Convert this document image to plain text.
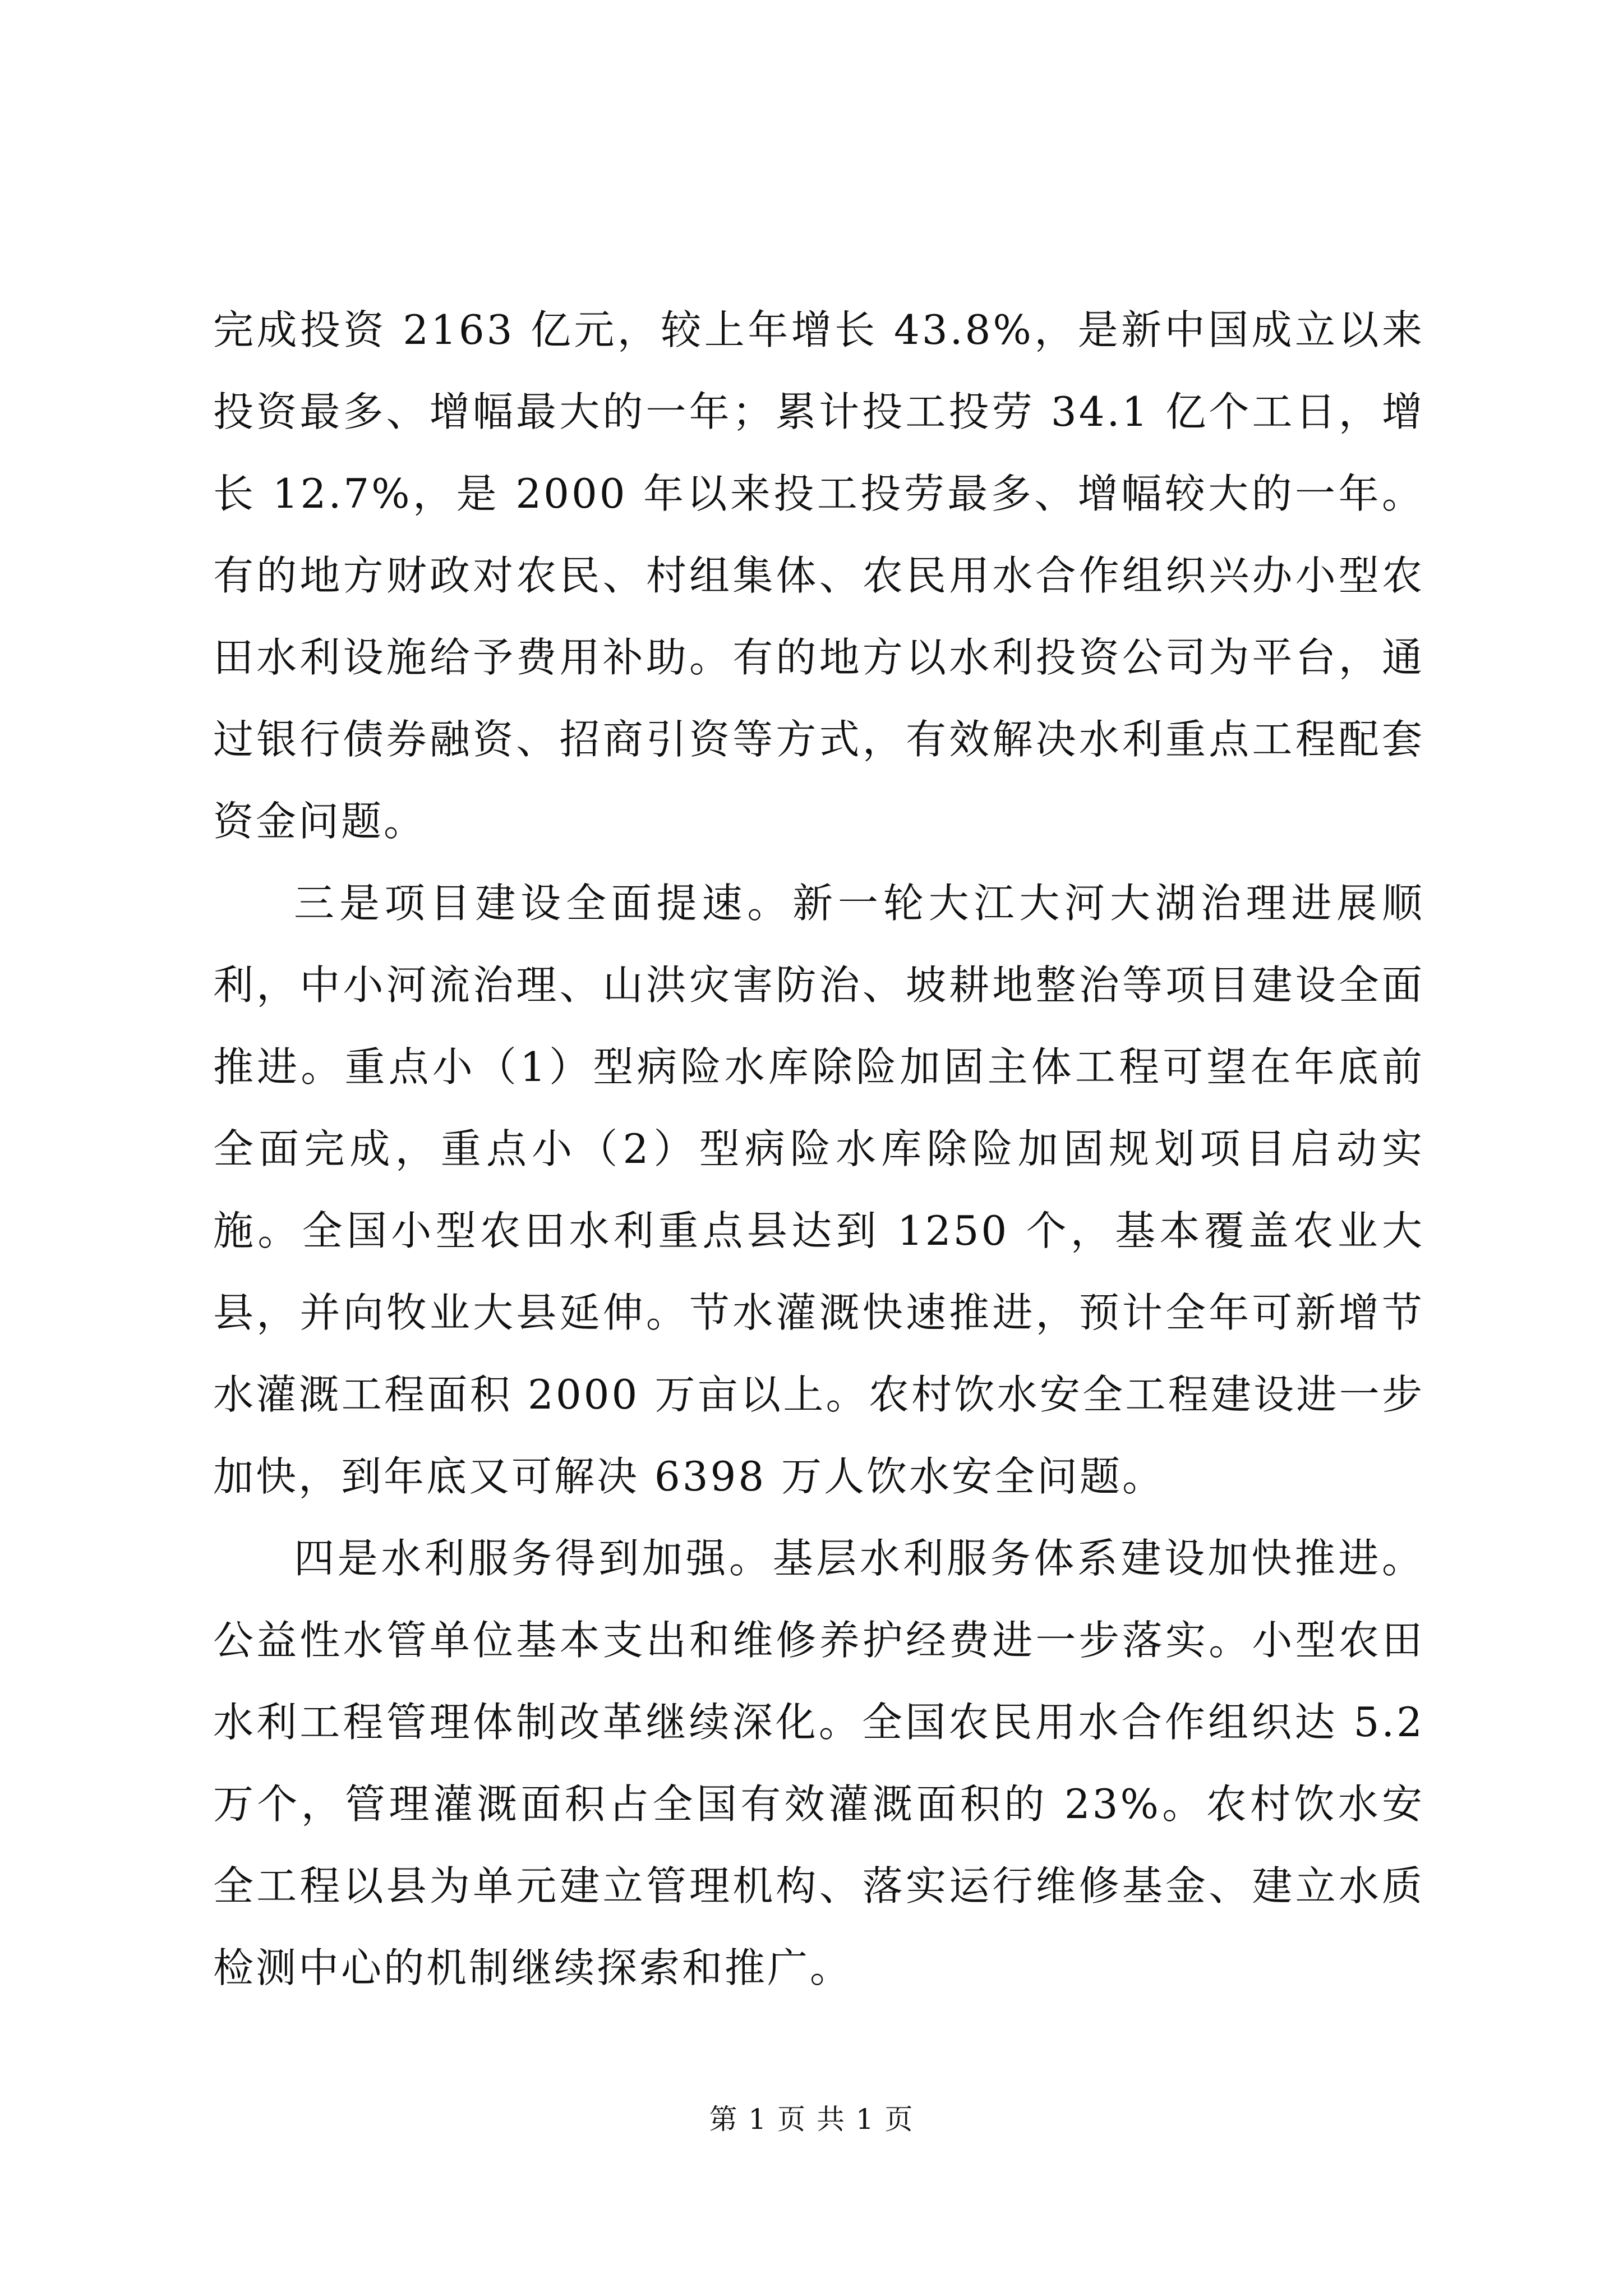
完成投资 2163 亿元，较上年增长 43.8%，是新中国成立以来投资最多、增幅最大的一年；累计投工投劳 34.1 亿个工日，增长 12.7%，是 2000 年以来投工投劳最多、增幅较大的一年。有的地方财政对农民、村组集体、农民用水合作组织兴办小型农田水利设施给予费用补助。有的地方以水利投资公司为平台，通过银行债券融资、招商引资等方式，有效解决水利重点工程配套资金问题。

三是项目建设全面提速。新一轮大江大河大湖治理进展顺利，中小河流治理、山洪灾害防治、坡耕地整治等项目建设全面推进。重点小（1）型病险水库除险加固主体工程可望在年底前全面完成，重点小（2）型病险水库除险加固规划项目启动实施。全国小型农田水利重点县达到 1250 个，基本覆盖农业大县，并向牧业大县延伸。节水灌溉快速推进，预计全年可新增节水灌溉工程面积 2000 万亩以上。农村饮水安全工程建设进一步加快，到年底又可解决 6398 万人饮水安全问题。

四是水利服务得到加强。基层水利服务体系建设加快推进。公益性水管单位基本支出和维修养护经费进一步落实。小型农田水利工程管理体制改革继续深化。全国农民用水合作组织达 5.2 万个，管理灌溉面积占全国有效灌溉面积的 23%。农村饮水安全工程以县为单元建立管理机构、落实运行维修基金、建立水质检测中心的机制继续探索和推广。

第 1 页 共 1 页
